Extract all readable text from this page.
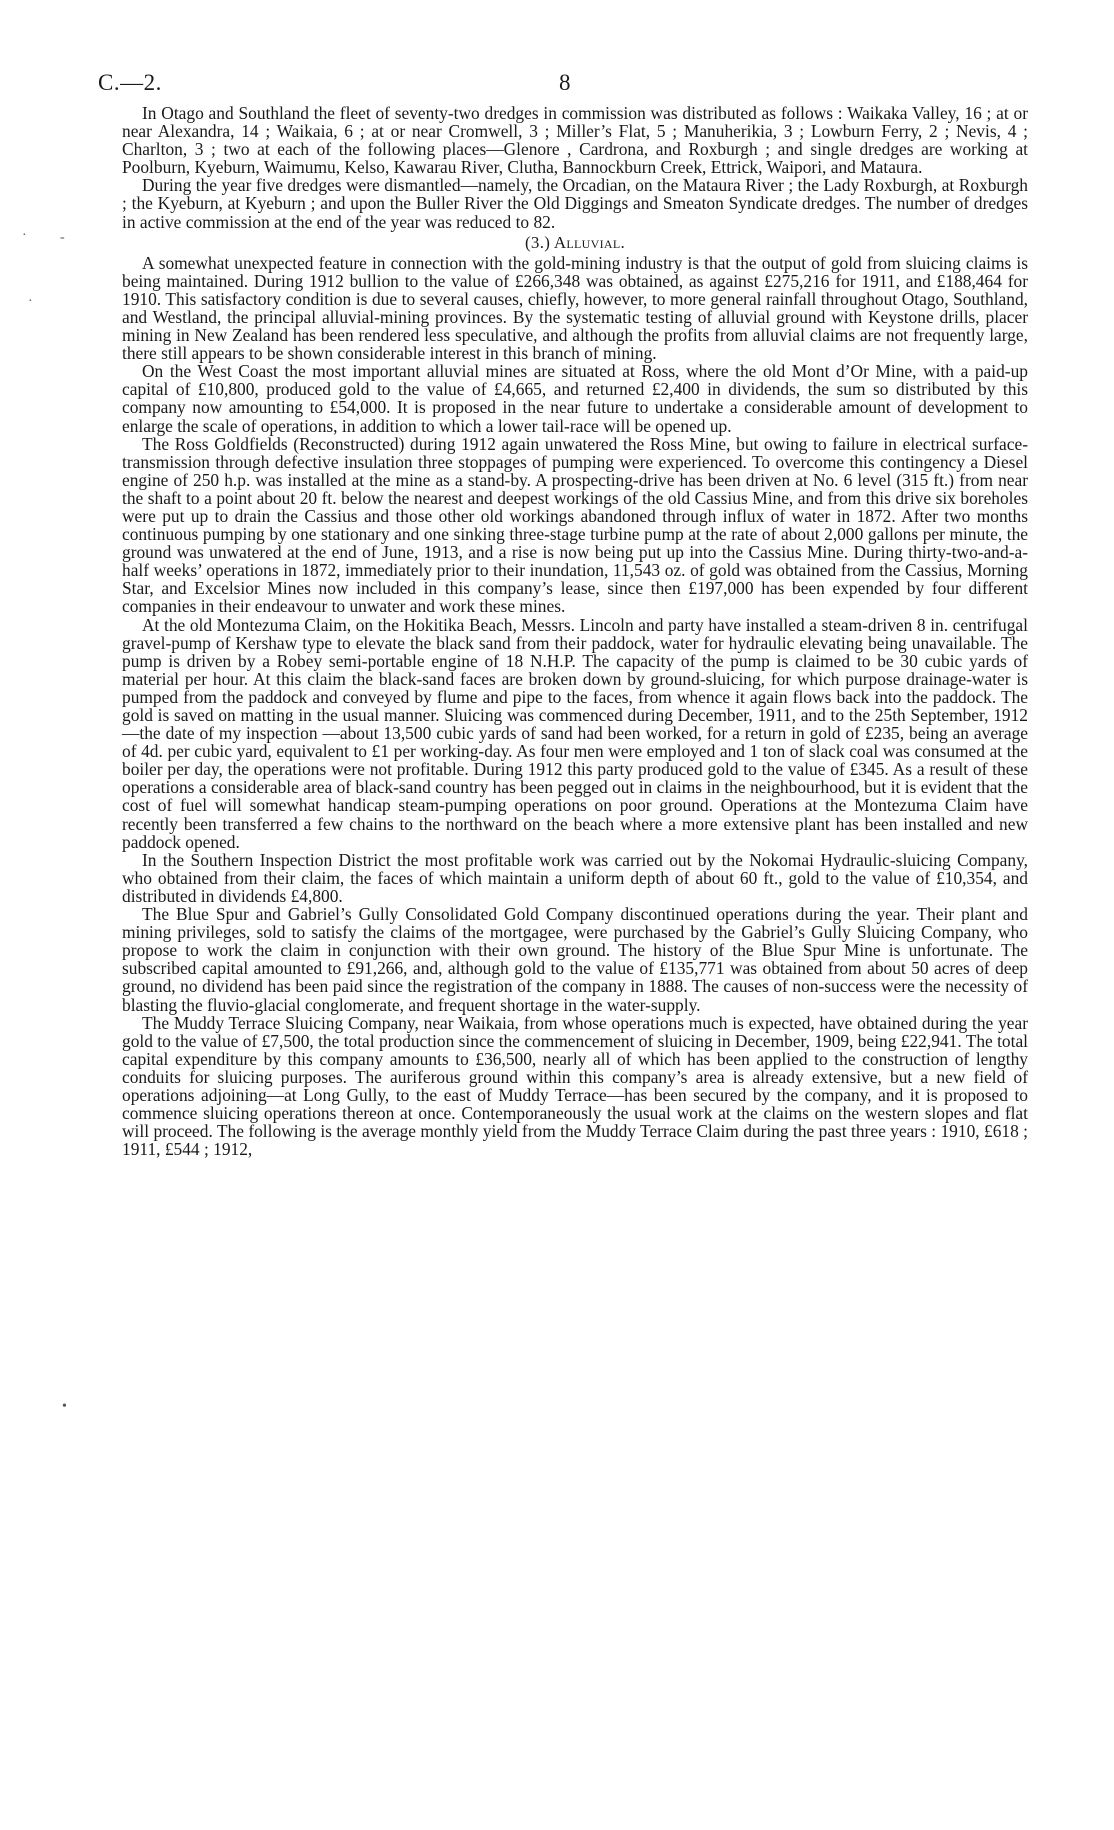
C.—2.	8

In Otago and Southland the fleet of seventy-two dredges in commission was distributed as follows : Waikaka Valley, 16 ; at or near Alexandra, 14 ; Waikaia, 6 ; at or near Cromwell, 3 ; Miller’s Flat, 5 ; Manuherikia, 3 ; Lowburn Ferry, 2 ; Nevis, 4 ; Charlton, 3 ; two at each of the following places—Glenore , Cardrona, and Roxburgh ; and single dredges are working at Poolburn, Kyeburn, Waimumu, Kelso, Kawarau River, Clutha, Bannockburn Creek, Ettrick, Waipori, and Mataura.

During the year five dredges were dismantled—namely, the Orcadian, on the Mataura River ; the Lady Roxburgh, at Roxburgh ; the Kyeburn, at Kyeburn ; and upon the Buller River the Old Diggings and Smeaton Syndicate dredges. The number of dredges in active commission at the end of the year was reduced to 82.

(3.) Alluvial.

A somewhat unexpected feature in connection with the gold-mining industry is that the output of gold from sluicing claims is being maintained. During 1912 bullion to the value of £266,348 was obtained, as against £275,216 for 1911, and £188,464 for 1910. This satisfactory condition is due to several causes, chiefly, however, to more general rainfall throughout Otago, Southland, and Westland, the principal alluvial-mining provinces. By the systematic testing of alluvial ground with Keystone drills, placer mining in New Zealand has been rendered less speculative, and although the profits from alluvial claims are not frequently large, there still appears to be shown considerable interest in this branch of mining.

On the West Coast the most important alluvial mines are situated at Ross, where the old Mont d’Or Mine, with a paid-up capital of £10,800, produced gold to the value of £4,665, and returned £2,400 in dividends, the sum so distributed by this company now amounting to £54,000. It is proposed in the near future to undertake a considerable amount of development to enlarge the scale of operations, in addition to which a lower tail-race will be opened up.

The Ross Goldfields (Reconstructed) during 1912 again unwatered the Ross Mine, but owing to failure in electrical surface-transmission through defective insulation three stoppages of pumping were experienced. To overcome this contingency a Diesel engine of 250 h.p. was installed at the mine as a stand-by. A prospecting-drive has been driven at No. 6 level (315 ft.) from near the shaft to a point about 20 ft. below the nearest and deepest workings of the old Cassius Mine, and from this drive six boreholes were put up to drain the Cassius and those other old workings abandoned through influx of water in 1872. After two months continuous pumping by one stationary and one sinking three-stage turbine pump at the rate of about 2,000 gallons per minute, the ground was unwatered at the end of June, 1913, and a rise is now being put up into the Cassius Mine. During thirty-two-and-a-half weeks’ operations in 1872, immediately prior to their inundation, 11,543 oz. of gold was obtained from the Cassius, Morning Star, and Excelsior Mines now included in this company’s lease, since then £197,000 has been expended by four different companies in their endeavour to unwater and work these mines.

At the old Montezuma Claim, on the Hokitika Beach, Messrs. Lincoln and party have installed a steam-driven 8 in. centrifugal gravel-pump of Kershaw type to elevate the black sand from their paddock, water for hydraulic elevating being unavailable. The pump is driven by a Robey semi-portable engine of 18 N.H.P. The capacity of the pump is claimed to be 30 cubic yards of material per hour. At this claim the black-sand faces are broken down by ground-sluicing, for which purpose drainage-water is pumped from the paddock and conveyed by flume and pipe to the faces, from whence it again flows back into the paddock. The gold is saved on matting in the usual manner. Sluicing was commenced during December, 1911, and to the 25th September, 1912—the date of my inspection —about 13,500 cubic yards of sand had been worked, for a return in gold of £235, being an average of 4d. per cubic yard, equivalent to £1 per working-day. As four men were employed and 1 ton of slack coal was consumed at the boiler per day, the operations were not profitable. During 1912 this party produced gold to the value of £345. As a result of these operations a considerable area of black-sand country has been pegged out in claims in the neighbourhood, but it is evident that the cost of fuel will somewhat handicap steam-pumping operations on poor ground. Operations at the Montezuma Claim have recently been transferred a few chains to the northward on the beach where a more extensive plant has been installed and new paddock opened.

In the Southern Inspection District the most profitable work was carried out by the Nokomai Hydraulic-sluicing Company, who obtained from their claim, the faces of which maintain a uniform depth of about 60 ft., gold to the value of £10,354, and distributed in dividends £4,800.

The Blue Spur and Gabriel’s Gully Consolidated Gold Company discontinued operations during the year. Their plant and mining privileges, sold to satisfy the claims of the mortgagee, were purchased by the Gabriel’s Gully Sluicing Company, who propose to work the claim in conjunction with their own ground. The history of the Blue Spur Mine is unfortunate. The subscribed capital amounted to £91,266, and, although gold to the value of £135,771 was obtained from about 50 acres of deep ground, no dividend has been paid since the registration of the company in 1888. The causes of non-success were the necessity of blasting the fluvio-glacial conglomerate, and frequent shortage in the water-supply.

The Muddy Terrace Sluicing Company, near Waikaia, from whose operations much is expected, have obtained during the year gold to the value of £7,500, the total production since the commencement of sluicing in December, 1909, being £22,941. The total capital expenditure by this company amounts to £36,500, nearly all of which has been applied to the construction of lengthy conduits for sluicing purposes. The auriferous ground within this company’s area is already extensive, but a new field of operations adjoining—at Long Gully, to the east of Muddy Terrace—has been secured by the company, and it is proposed to commence sluicing operations thereon at once. Contemporaneously the usual work at the claims on the western slopes and flat will proceed. The following is the average monthly yield from the Muddy Terrace Claim during the past three years : 1910, £618 ; 1911, £544 ; 1912,

· ‐
·
•
